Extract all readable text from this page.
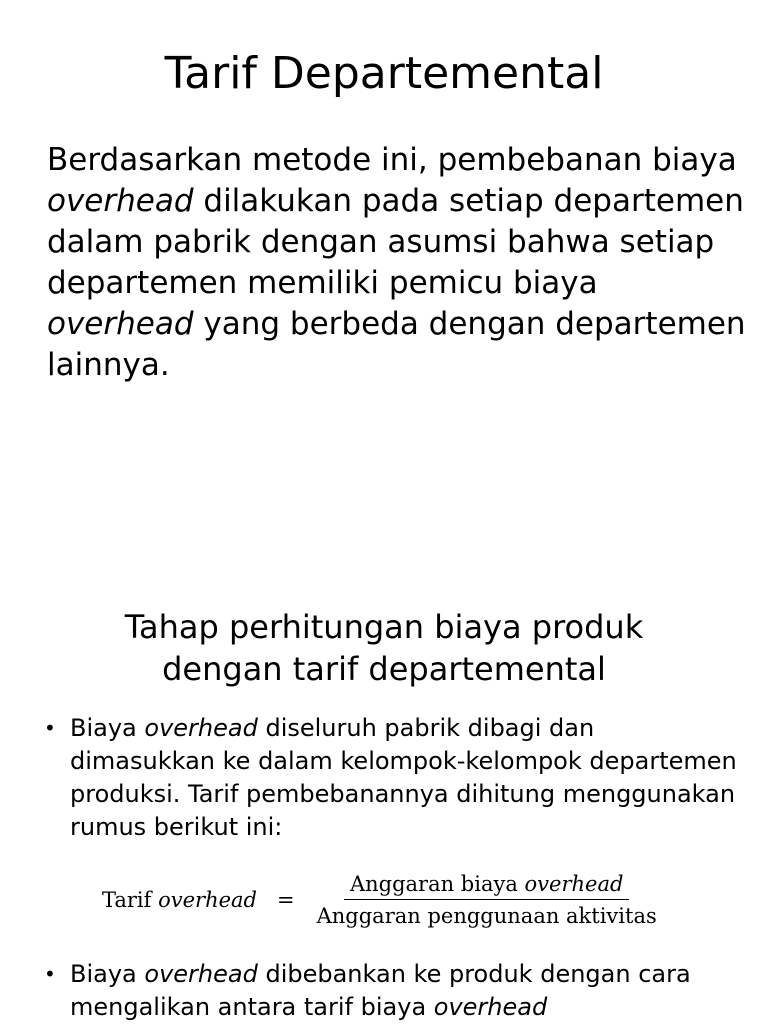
Tarif Departemental

Berdasarkan metode ini, pembebanan biaya overhead dilakukan pada setiap departemen dalam pabrik dengan asumsi bahwa setiap departemen memiliki pemicu biaya overhead yang berbeda dengan departemen lainnya.

Tahap perhitungan biaya produk
dengan tarif departemental
• Biaya overhead diseluruh pabrik dibagi dan dimasukkan ke dalam kelompok-kelompok departemen produksi. Tarif pembebanannya dihitung menggunakan rumus berikut ini:
Tarif overhead = $\frac{\text{Anggaran biaya overhead}}{\text{Anggaran penggunaan aktivitas}}$
• Biaya overhead dibebankan ke produk dengan cara mengalikan antara tarif biaya overhead
